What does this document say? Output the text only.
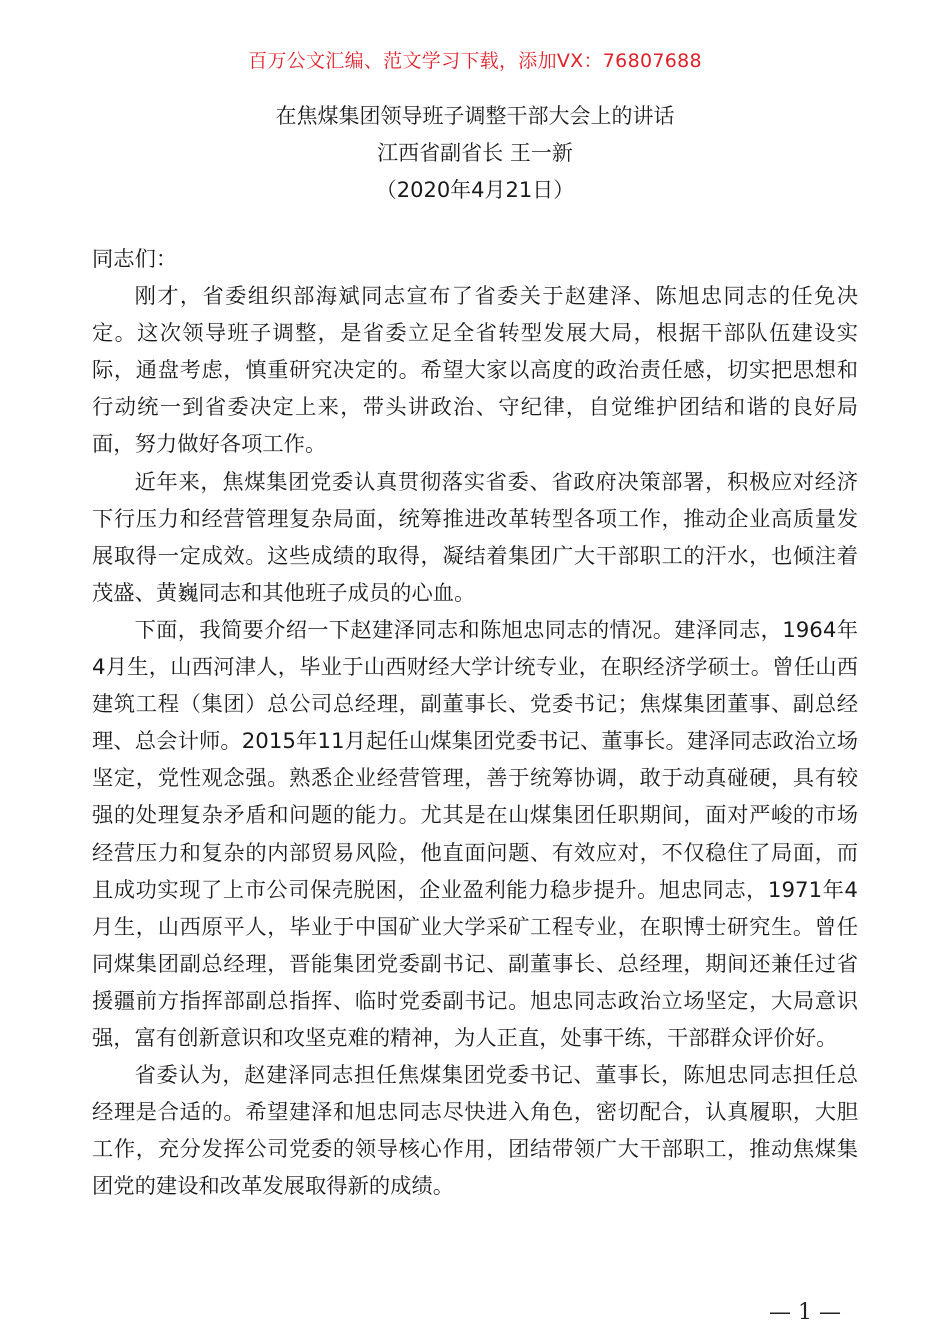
百万公文汇编、范文学习下载，添加VX：76807688
在焦煤集团领导班子调整干部大会上的讲话
江西省副省长 王一新
（2020年4月21日）

同志们：

刚才，省委组织部海斌同志宣布了省委关于赵建泽、陈旭忠同志的任免决定。这次领导班子调整，是省委立足全省转型发展大局，根据干部队伍建设实际，通盘考虑，慎重研究决定的。希望大家以高度的政治责任感，切实把思想和行动统一到省委决定上来，带头讲政治、守纪律，自觉维护团结和谐的良好局面，努力做好各项工作。

近年来，焦煤集团党委认真贯彻落实省委、省政府决策部署，积极应对经济下行压力和经营管理复杂局面，统筹推进改革转型各项工作，推动企业高质量发展取得一定成效。这些成绩的取得，凝结着集团广大干部职工的汗水，也倾注着茂盛、黄巍同志和其他班子成员的心血。

下面，我简要介绍一下赵建泽同志和陈旭忠同志的情况。建泽同志，1964年4月生，山西河津人，毕业于山西财经大学计统专业，在职经济学硕士。曾任山西建筑工程（集团）总公司总经理，副董事长、党委书记；焦煤集团董事、副总经理、总会计师。2015年11月起任山煤集团党委书记、董事长。建泽同志政治立场坚定，党性观念强。熟悉企业经营管理，善于统筹协调，敢于动真碰硬，具有较强的处理复杂矛盾和问题的能力。尤其是在山煤集团任职期间，面对严峻的市场经营压力和复杂的内部贸易风险，他直面问题、有效应对，不仅稳住了局面，而且成功实现了上市公司保壳脱困，企业盈利能力稳步提升。旭忠同志，1971年4月生，山西原平人，毕业于中国矿业大学采矿工程专业，在职博士研究生。曾任同煤集团副总经理，晋能集团党委副书记、副董事长、总经理，期间还兼任过省援疆前方指挥部副总指挥、临时党委副书记。旭忠同志政治立场坚定，大局意识强，富有创新意识和攻坚克难的精神，为人正直，处事干练，干部群众评价好。

省委认为，赵建泽同志担任焦煤集团党委书记、董事长，陈旭忠同志担任总经理是合适的。希望建泽和旭忠同志尽快进入角色，密切配合，认真履职，大胆工作，充分发挥公司党委的领导核心作用，团结带领广大干部职工，推动焦煤集团党的建设和改革发展取得新的成绩。

— 1 —
